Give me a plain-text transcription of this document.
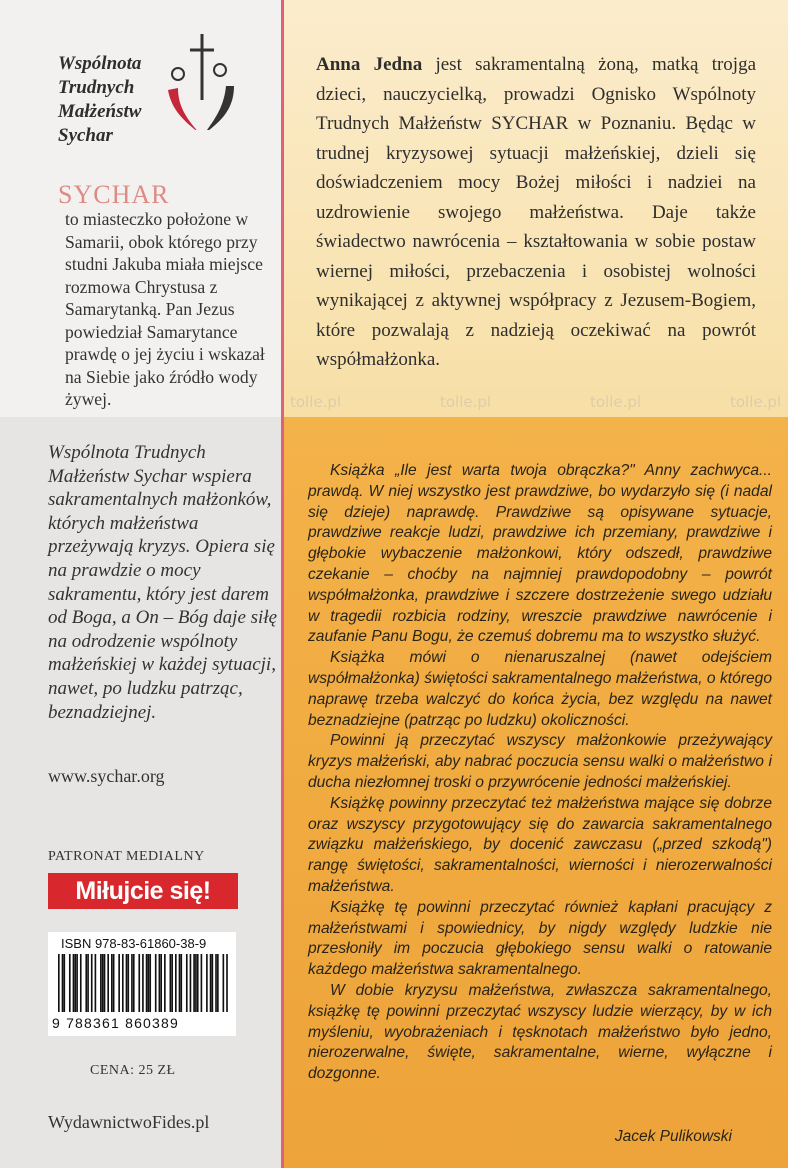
tolle.pl	tolle.pl	tolle.pl	tolle.pl
Wspólnota
Trudnych
Małżeństw
Sychar
SYCHAR
to miasteczko położone w Samarii, obok którego przy studni Jakuba miała miejsce rozmowa Chrystusa z Samarytanką. Pan Jezus powiedział Samarytance prawdę o jej życiu i wskazał na Siebie jako źródło wody żywej.
Anna Jedna jest sakramentalną żoną, matką trojga dzieci, nauczycielką, prowadzi Ognisko Wspólnoty Trudnych Małżeństw SYCHAR w Poznaniu. Będąc w trudnej kryzysowej sytuacji małżeńskiej, dzieli się doświadczeniem mocy Bożej miłości i nadziei na uzdrowienie swojego małżeństwa. Daje także świadectwo nawrócenia – kształtowania w sobie postaw wiernej miłości, przebaczenia i osobistej wolności wynikającej z aktywnej współpracy z Jezusem-Bogiem, które pozwalają z nadzieją oczekiwać na powrót współmałżonka.
Wspólnota Trudnych Małżeństw Sychar wspiera sakramentalnych małżonków, których małżeństwa przeżywają kryzys. Opiera się na prawdzie o mocy sakramentu, który jest darem od Boga, a On – Bóg daje siłę na odrodzenie wspólnoty małżeńskiej w każdej sytuacji, nawet, po ludzku patrząc, beznadziejnej.
www.sychar.org
PATRONAT MEDIALNY
Miłujcie się!
ISBN 978-83-61860-38-9
9 788361 860389
CENA: 25 ZŁ
WydawnictwoFides.pl

Książka „Ile jest warta twoja obrączka?" Anny zachwyca... prawdą. W niej wszystko jest prawdziwe, bo wydarzyło się (i nadal się dzieje) naprawdę. Prawdziwe są opisywane sytuacje, prawdziwe reakcje ludzi, prawdziwe ich przemiany, prawdziwe i głębokie wybaczenie małżonkowi, który odszedł, prawdziwe czekanie – choćby na najmniej prawdopodobny – powrót współmałżonka, prawdziwe i szczere dostrzeżenie swego udziału w tragedii rozbicia rodziny, wreszcie prawdziwe nawrócenie i zaufanie Panu Bogu, że czemuś dobremu ma to wszystko służyć.

Książka mówi o nienaruszalnej (nawet odejściem współmałżonka) świętości sakramentalnego małżeństwa, o którego naprawę trzeba walczyć do końca życia, bez względu na nawet beznadziejne (patrząc po ludzku) okoliczności.

Powinni ją przeczytać wszyscy małżonkowie przeżywający kryzys małżeński, aby nabrać poczucia sensu walki o małżeństwo i ducha niezłomnej troski o przywrócenie jedności małżeńskiej.

Książkę powinny przeczytać też małżeństwa mające się dobrze oraz wszyscy przygotowujący się do zawarcia sakramentalnego związku małżeńskiego, by docenić zawczasu („przed szkodą") rangę świętości, sakramentalności, wierności i nierozerwalności małżeństwa.

Książkę tę powinni przeczytać również kapłani pracujący z małżeństwami i spowiednicy, by nigdy względy ludzkie nie przesłoniły im poczucia głębokiego sensu walki o ratowanie każdego małżeństwa sakramentalnego.

W dobie kryzysu małżeństwa, zwłaszcza sakramentalnego, książkę tę powinni przeczytać wszyscy ludzie wierzący, by w ich myśleniu, wyobrażeniach i tęsknotach małżeństwo było jedno, nierozerwalne, święte, sakramentalne, wierne, wyłączne i dozgonne.

Jacek Pulikowski
